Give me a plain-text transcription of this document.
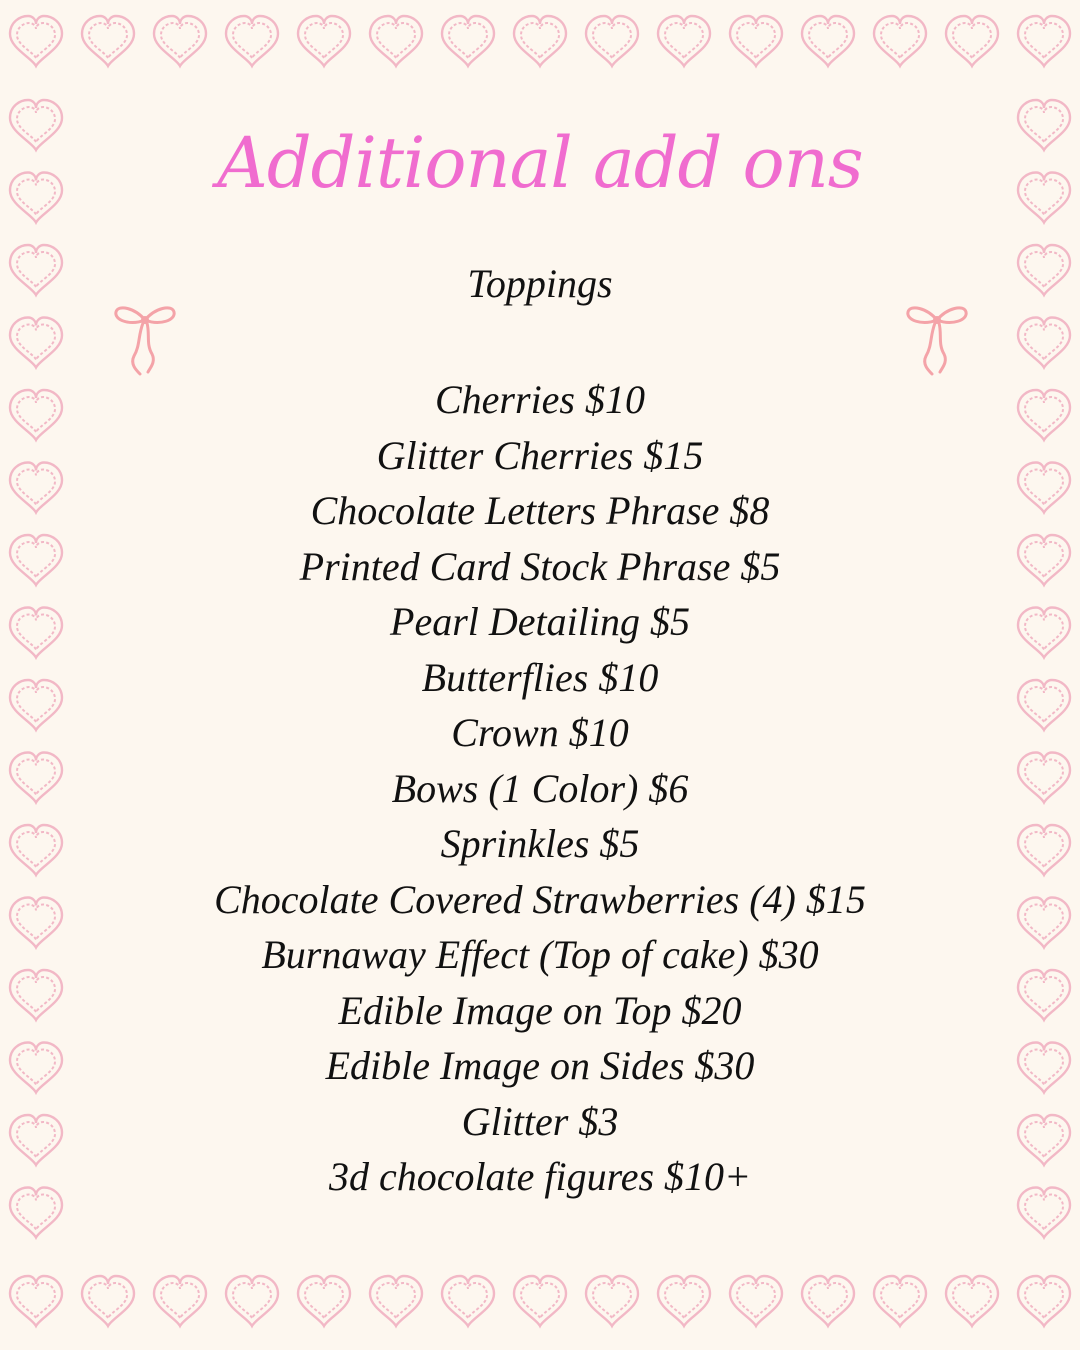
Additional add ons
Toppings
Cherries $10
Glitter Cherries $15
Chocolate Letters Phrase $8
Printed Card Stock Phrase $5
Pearl Detailing $5
Butterflies $10
Crown $10
Bows (1 Color) $6
Sprinkles $5
Chocolate Covered Strawberries (4) $15
Burnaway Effect (Top of cake) $30
Edible Image on Top $20
Edible Image on Sides $30
Glitter $3
3d chocolate figures $10+
